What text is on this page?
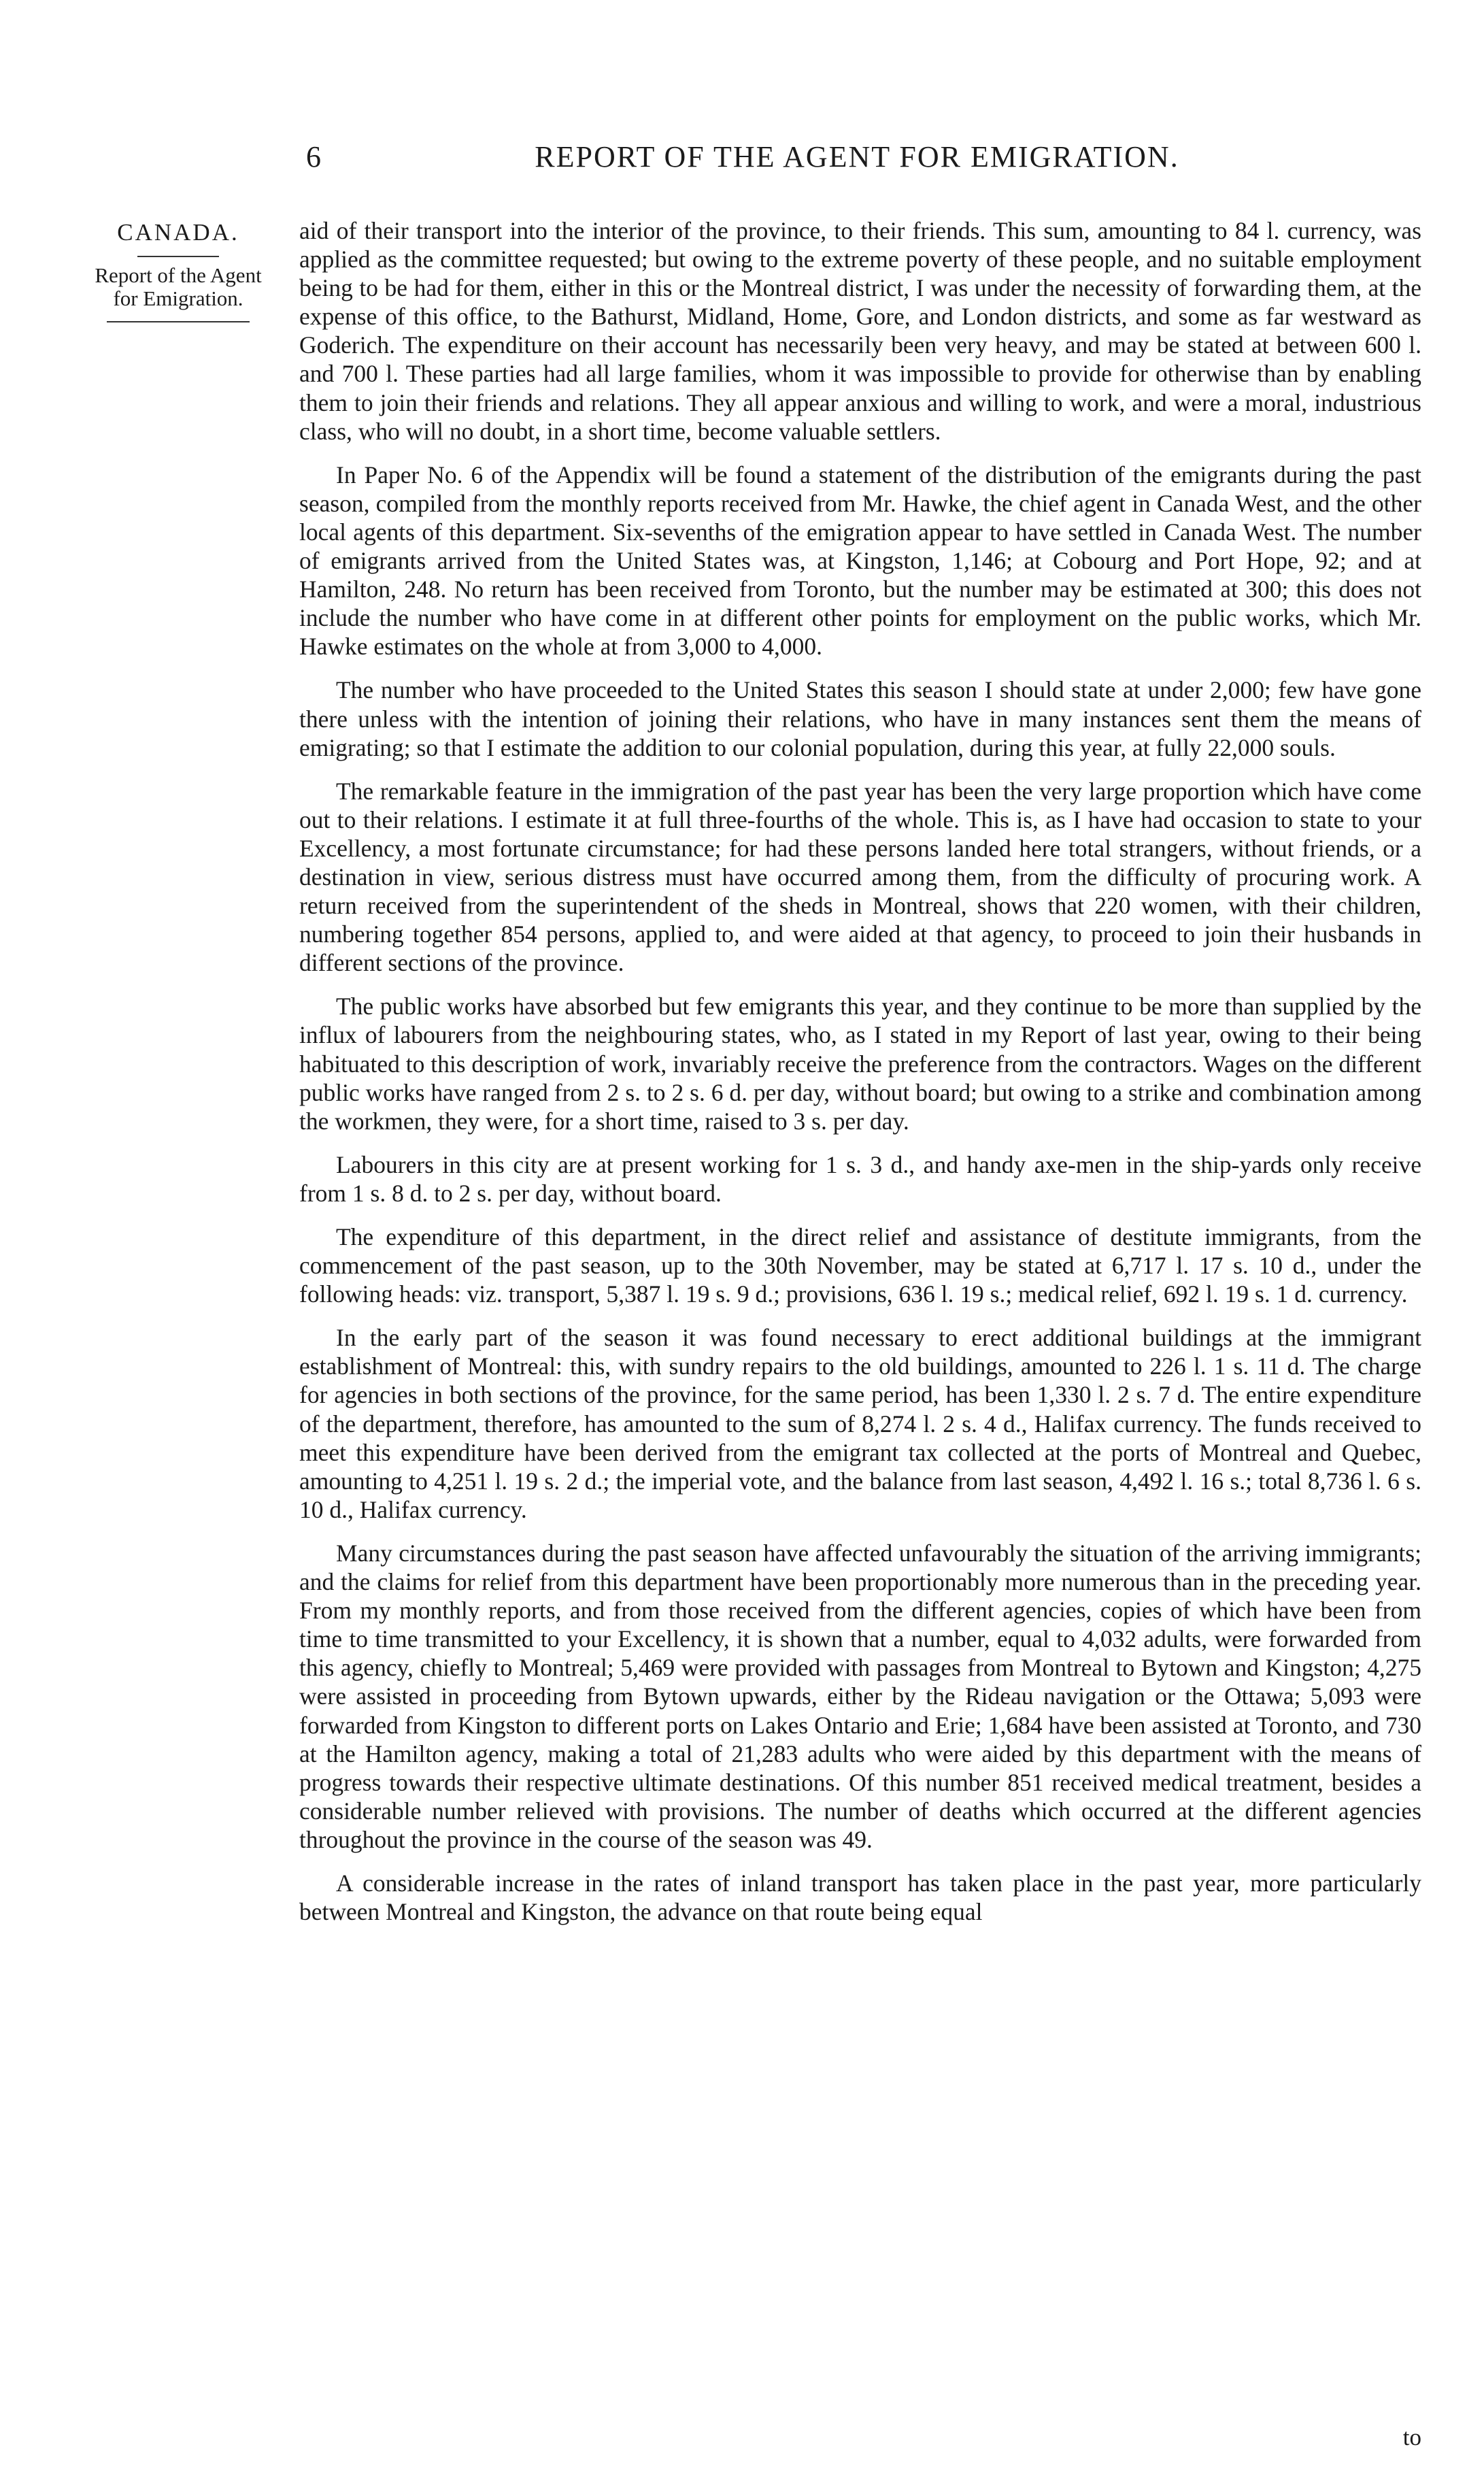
6	REPORT OF THE AGENT FOR EMIGRATION.
CANADA.
Report of the Agent
for Emigration.

aid of their transport into the interior of the province, to their friends. This sum, amounting to 84 l. currency, was applied as the committee requested; but owing to the extreme poverty of these people, and no suitable employment being to be had for them, either in this or the Montreal district, I was under the necessity of forwarding them, at the expense of this office, to the Bathurst, Midland, Home, Gore, and London districts, and some as far westward as Goderich. The expenditure on their account has necessarily been very heavy, and may be stated at between 600 l. and 700 l. These parties had all large families, whom it was impossible to provide for otherwise than by enabling them to join their friends and relations. They all appear anxious and willing to work, and were a moral, industrious class, who will no doubt, in a short time, become valuable settlers.

In Paper No. 6 of the Appendix will be found a statement of the distribution of the emigrants during the past season, compiled from the monthly reports received from Mr. Hawke, the chief agent in Canada West, and the other local agents of this department. Six-sevenths of the emigration appear to have settled in Canada West. The number of emigrants arrived from the United States was, at Kingston, 1,146; at Cobourg and Port Hope, 92; and at Hamilton, 248. No return has been received from Toronto, but the number may be estimated at 300; this does not include the number who have come in at different other points for employment on the public works, which Mr. Hawke estimates on the whole at from 3,000 to 4,000.

The number who have proceeded to the United States this season I should state at under 2,000; few have gone there unless with the intention of joining their relations, who have in many instances sent them the means of emigrating; so that I estimate the addition to our colonial population, during this year, at fully 22,000 souls.

The remarkable feature in the immigration of the past year has been the very large proportion which have come out to their relations. I estimate it at full three-fourths of the whole. This is, as I have had occasion to state to your Excellency, a most fortunate circumstance; for had these persons landed here total strangers, without friends, or a destination in view, serious distress must have occurred among them, from the difficulty of procuring work. A return received from the superintendent of the sheds in Montreal, shows that 220 women, with their children, numbering together 854 persons, applied to, and were aided at that agency, to proceed to join their husbands in different sections of the province.

The public works have absorbed but few emigrants this year, and they continue to be more than supplied by the influx of labourers from the neighbouring states, who, as I stated in my Report of last year, owing to their being habituated to this description of work, invariably receive the preference from the contractors. Wages on the different public works have ranged from 2 s. to 2 s. 6 d. per day, without board; but owing to a strike and combination among the workmen, they were, for a short time, raised to 3 s. per day.

Labourers in this city are at present working for 1 s. 3 d., and handy axe-men in the ship-yards only receive from 1 s. 8 d. to 2 s. per day, without board.

The expenditure of this department, in the direct relief and assistance of destitute immigrants, from the commencement of the past season, up to the 30th November, may be stated at 6,717 l. 17 s. 10 d., under the following heads: viz. transport, 5,387 l. 19 s. 9 d.; provisions, 636 l. 19 s.; medical relief, 692 l. 19 s. 1 d. currency.

In the early part of the season it was found necessary to erect additional buildings at the immigrant establishment of Montreal: this, with sundry repairs to the old buildings, amounted to 226 l. 1 s. 11 d. The charge for agencies in both sections of the province, for the same period, has been 1,330 l. 2 s. 7 d. The entire expenditure of the department, therefore, has amounted to the sum of 8,274 l. 2 s. 4 d., Halifax currency. The funds received to meet this expenditure have been derived from the emigrant tax collected at the ports of Montreal and Quebec, amounting to 4,251 l. 19 s. 2 d.; the imperial vote, and the balance from last season, 4,492 l. 16 s.; total 8,736 l. 6 s. 10 d., Halifax currency.

Many circumstances during the past season have affected unfavourably the situation of the arriving immigrants; and the claims for relief from this department have been proportionably more numerous than in the preceding year. From my monthly reports, and from those received from the different agencies, copies of which have been from time to time transmitted to your Excellency, it is shown that a number, equal to 4,032 adults, were forwarded from this agency, chiefly to Montreal; 5,469 were provided with passages from Montreal to Bytown and Kingston; 4,275 were assisted in proceeding from Bytown upwards, either by the Rideau navigation or the Ottawa; 5,093 were forwarded from Kingston to different ports on Lakes Ontario and Erie; 1,684 have been assisted at Toronto, and 730 at the Hamilton agency, making a total of 21,283 adults who were aided by this department with the means of progress towards their respective ultimate destinations. Of this number 851 received medical treatment, besides a considerable number relieved with provisions. The number of deaths which occurred at the different agencies throughout the province in the course of the season was 49.

A considerable increase in the rates of inland transport has taken place in the past year, more particularly between Montreal and Kingston, the advance on that route being equal

to
